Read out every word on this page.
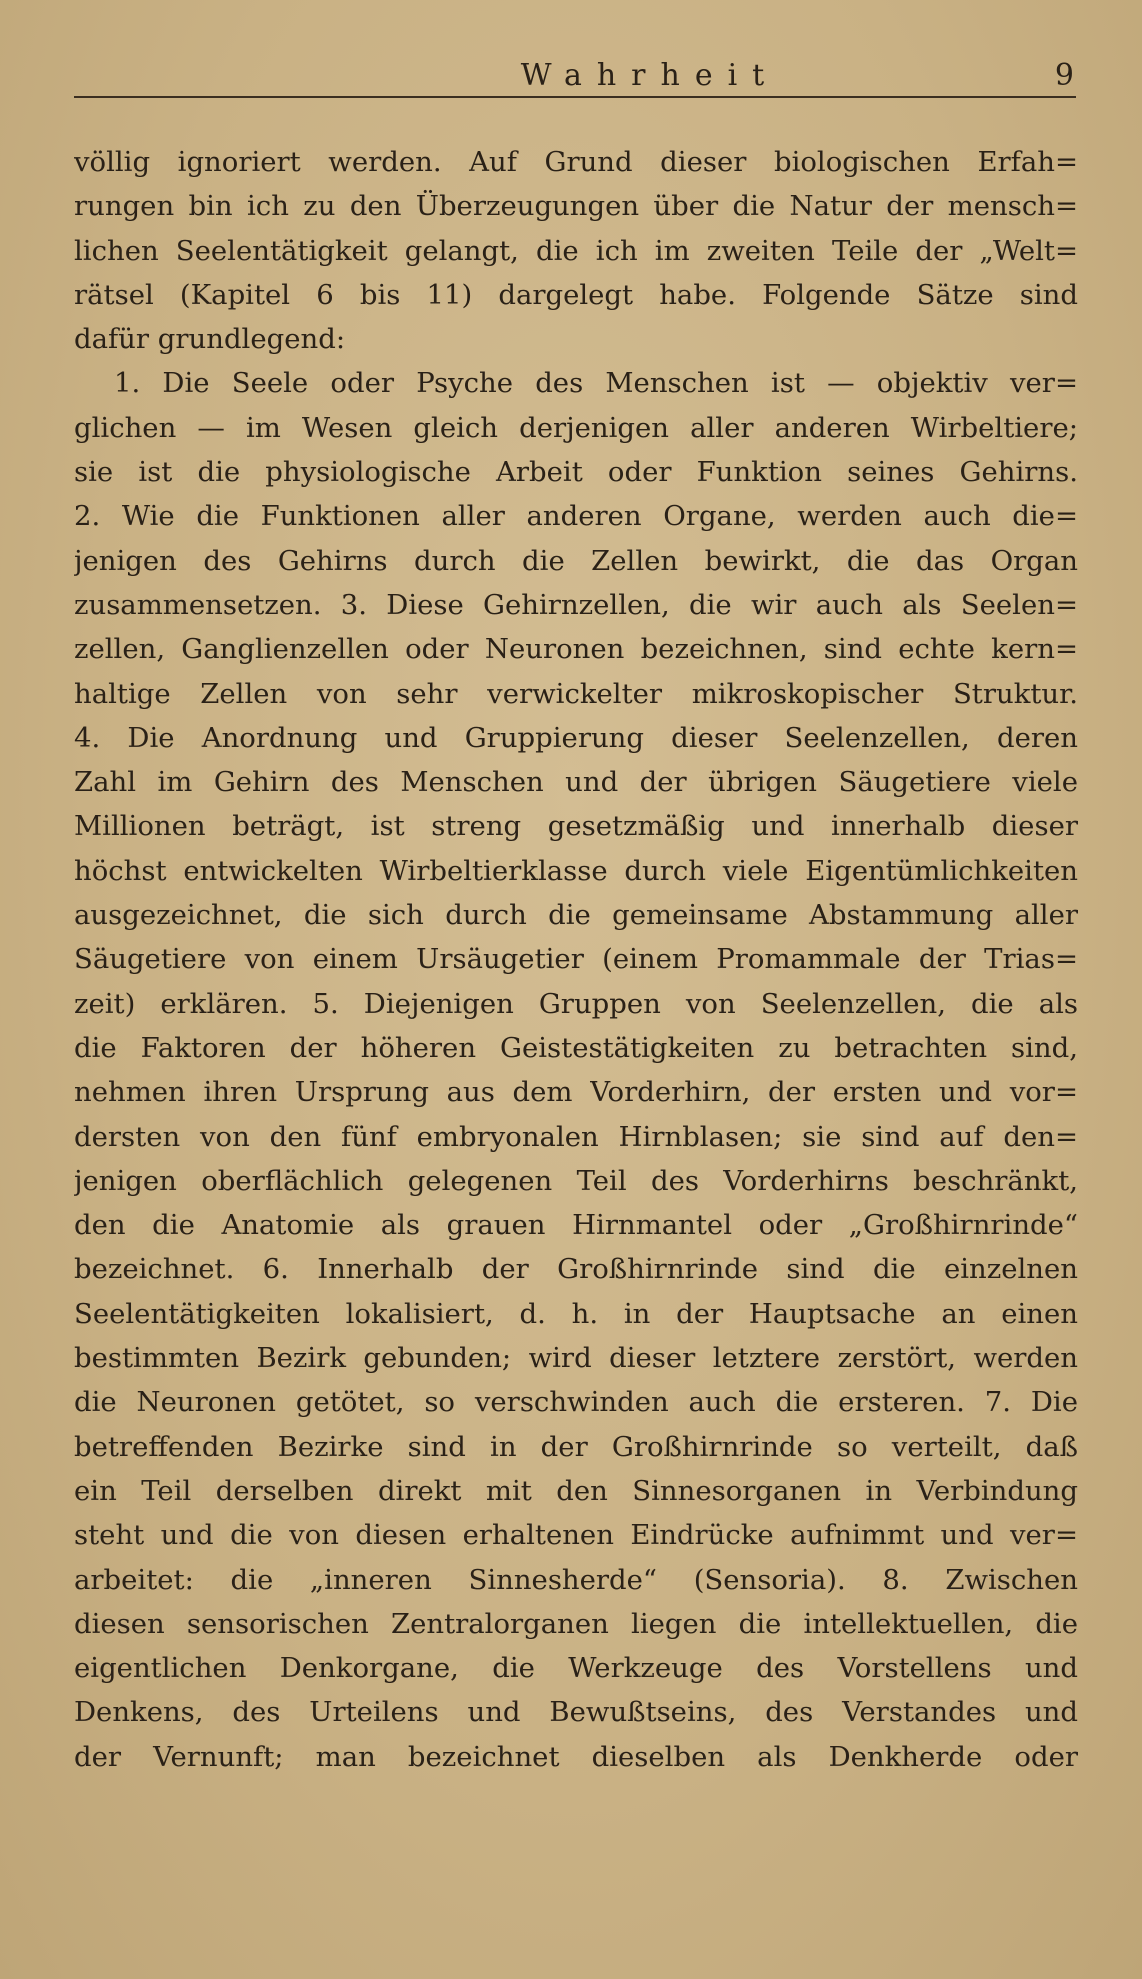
Wahrheit	9
völlig ignoriert werden. Auf Grund dieser biologischen Erfah=
rungen bin ich zu den Überzeugungen über die Natur der mensch=
lichen Seelentätigkeit gelangt, die ich im zweiten Teile der „Welt=
rätsel (Kapitel 6 bis 11) dargelegt habe. Folgende Sätze sind
dafür grundlegend:
1. Die Seele oder Psyche des Menschen ist — objektiv ver=
glichen — im Wesen gleich derjenigen aller anderen Wirbeltiere;
sie ist die physiologische Arbeit oder Funktion seines Gehirns.
2. Wie die Funktionen aller anderen Organe, werden auch die=
jenigen des Gehirns durch die Zellen bewirkt, die das Organ
zusammensetzen. 3. Diese Gehirnzellen, die wir auch als Seelen=
zellen, Ganglienzellen oder Neuronen bezeichnen, sind echte kern=
haltige Zellen von sehr verwickelter mikroskopischer Struktur.
4. Die Anordnung und Gruppierung dieser Seelenzellen, deren
Zahl im Gehirn des Menschen und der übrigen Säugetiere viele
Millionen beträgt, ist streng gesetzmäßig und innerhalb dieser
höchst entwickelten Wirbeltierklasse durch viele Eigentümlichkeiten
ausgezeichnet, die sich durch die gemeinsame Abstammung aller
Säugetiere von einem Ursäugetier (einem Promammale der Trias=
zeit) erklären. 5. Diejenigen Gruppen von Seelenzellen, die als
die Faktoren der höheren Geistestätigkeiten zu betrachten sind,
nehmen ihren Ursprung aus dem Vorderhirn, der ersten und vor=
dersten von den fünf embryonalen Hirnblasen; sie sind auf den=
jenigen oberflächlich gelegenen Teil des Vorderhirns beschränkt,
den die Anatomie als grauen Hirnmantel oder „Großhirnrinde“
bezeichnet. 6. Innerhalb der Großhirnrinde sind die einzelnen
Seelentätigkeiten lokalisiert, d. h. in der Hauptsache an einen
bestimmten Bezirk gebunden; wird dieser letztere zerstört, werden
die Neuronen getötet, so verschwinden auch die ersteren. 7. Die
betreffenden Bezirke sind in der Großhirnrinde so verteilt, daß
ein Teil derselben direkt mit den Sinnesorganen in Verbindung
steht und die von diesen erhaltenen Eindrücke aufnimmt und ver=
arbeitet: die „inneren Sinnesherde“ (Sensoria). 8. Zwischen
diesen sensorischen Zentralorganen liegen die intellektuellen, die
eigentlichen Denkorgane, die Werkzeuge des Vorstellens und
Denkens, des Urteilens und Bewußtseins, des Verstandes und
der Vernunft; man bezeichnet dieselben als Denkherde oder
